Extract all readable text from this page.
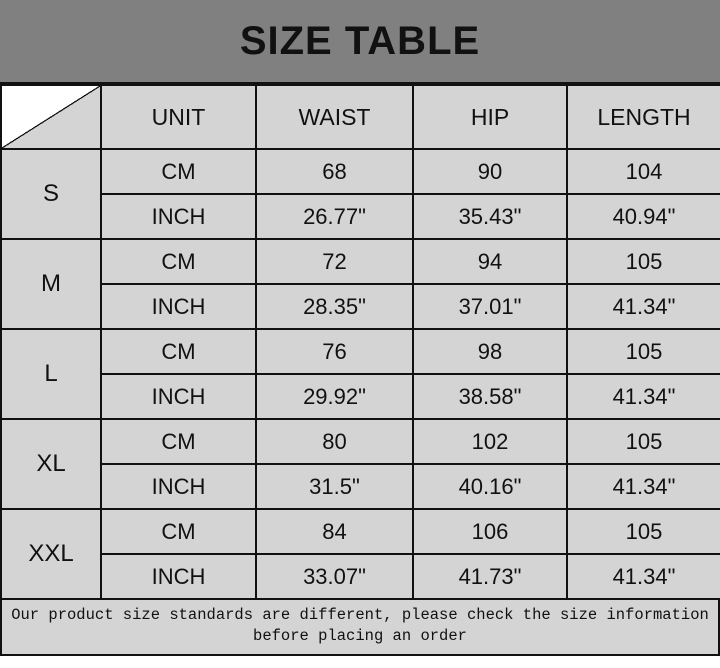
SIZE TABLE
	UNIT	WAIST	HIP	LENGTH
S	CM	68	90	104
	INCH	26.77"	35.43"	40.94"
M	CM	72	94	105
	INCH	28.35"	37.01"	41.34"
L	CM	76	98	105
	INCH	29.92"	38.58"	41.34"
XL	CM	80	102	105
	INCH	31.5"	40.16"	41.34"
XXL	CM	84	106	105
	INCH	33.07"	41.73"	41.34"
Our product size standards are different, please check the size information
before placing an order
